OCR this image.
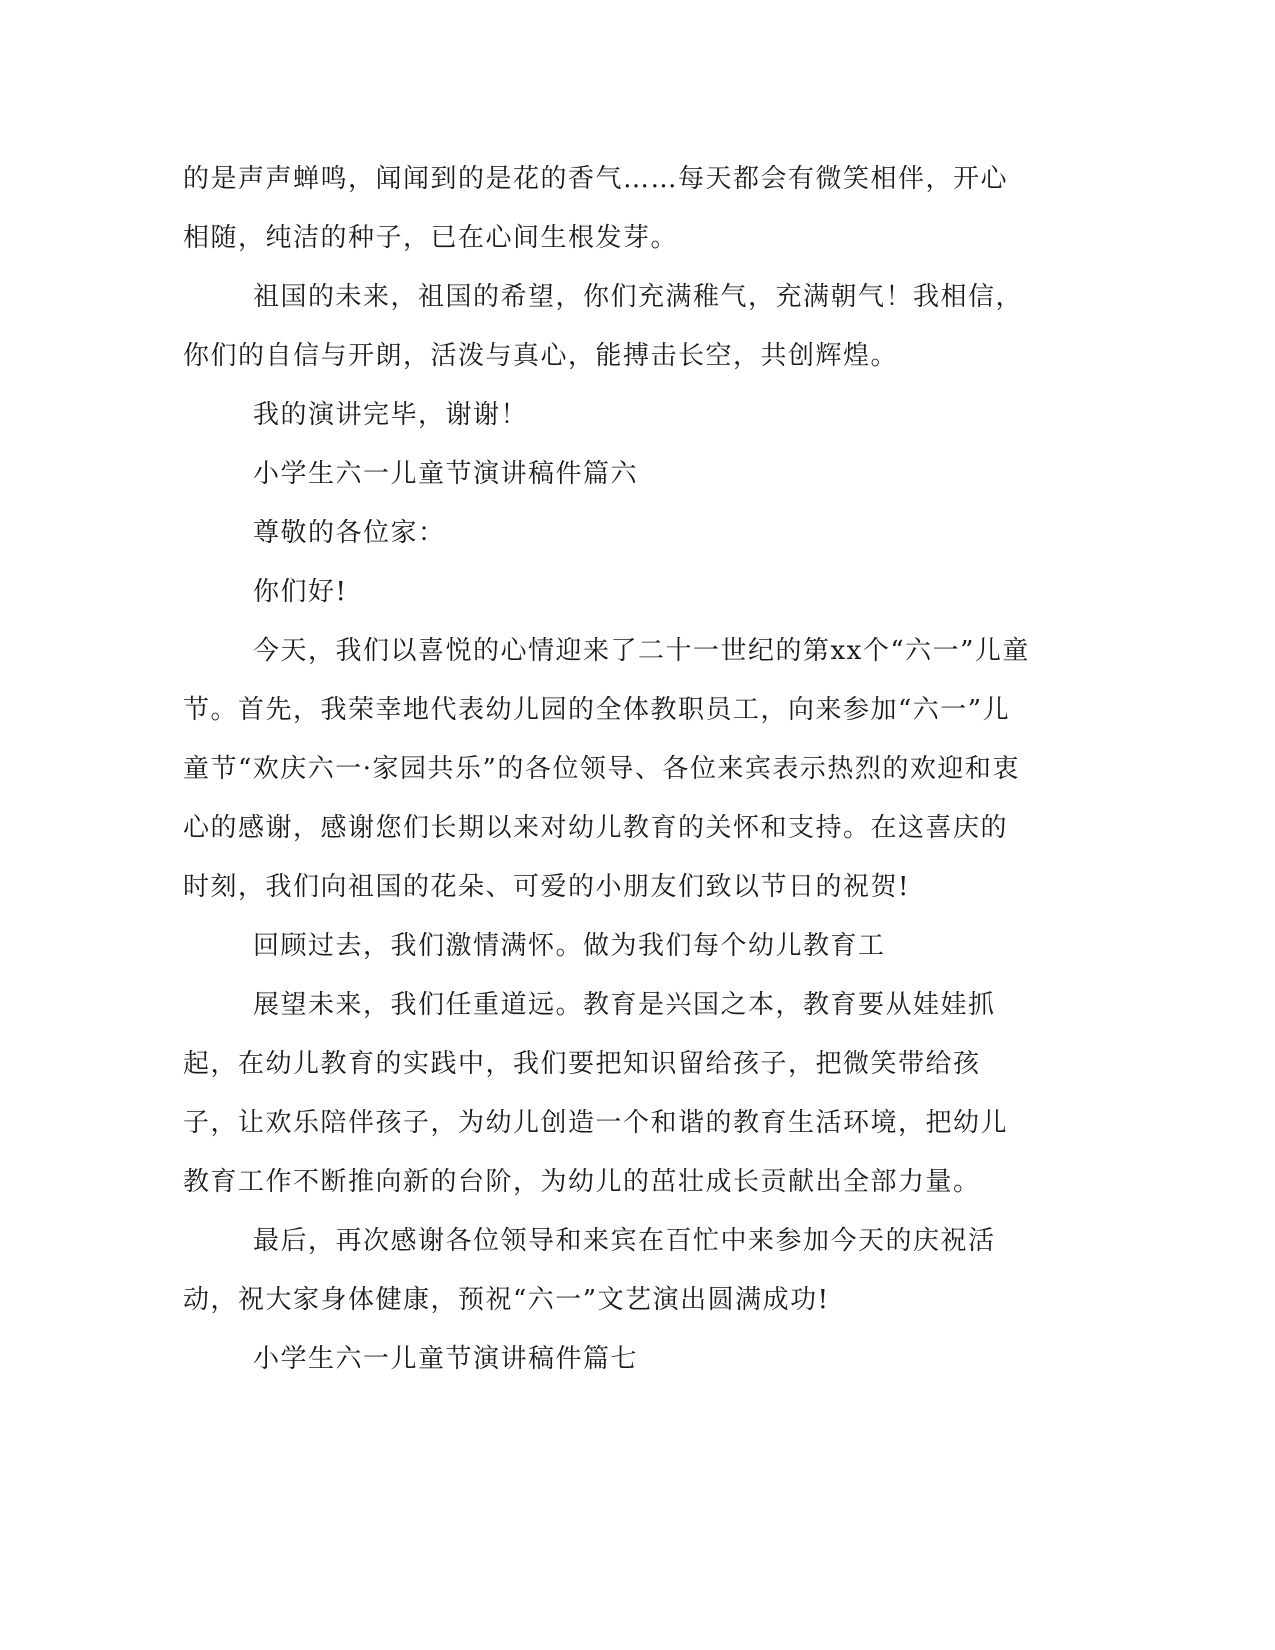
的是声声蝉鸣，闻闻到的是花的香气……每天都会有微笑相伴，开心相随，纯洁的种子，已在心间生根发芽。

祖国的未来，祖国的希望，你们充满稚气，充满朝气！我相信，你们的自信与开朗，活泼与真心，能搏击长空，共创辉煌。

我的演讲完毕，谢谢！

小学生六一儿童节演讲稿件篇六

尊敬的各位家：

你们好!

今天，我们以喜悦的心情迎来了二十一世纪的第xx个“六一”儿童节。首先，我荣幸地代表幼儿园的全体教职员工，向来参加“六一”儿童节“欢庆六一·家园共乐”的各位领导、各位来宾表示热烈的欢迎和衷心的感谢，感谢您们长期以来对幼儿教育的关怀和支持。在这喜庆的时刻，我们向祖国的花朵、可爱的小朋友们致以节日的祝贺!

回顾过去，我们激情满怀。做为我们每个幼儿教育工

展望未来，我们任重道远。教育是兴国之本，教育要从娃娃抓起，在幼儿教育的实践中，我们要把知识留给孩子，把微笑带给孩子，让欢乐陪伴孩子，为幼儿创造一个和谐的教育生活环境，把幼儿教育工作不断推向新的台阶，为幼儿的茁壮成长贡献出全部力量。

最后，再次感谢各位领导和来宾在百忙中来参加今天的庆祝活动，祝大家身体健康，预祝“六一”文艺演出圆满成功!

小学生六一儿童节演讲稿件篇七
